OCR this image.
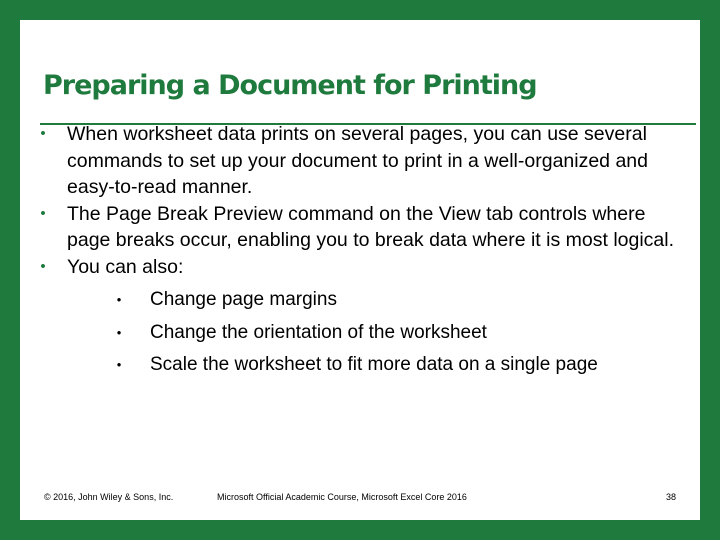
Preparing a Document for Printing
• When worksheet data prints on several pages, you can use several commands to set up your document to print in a well-organized and easy-to-read manner.
• The Page Break Preview command on the View tab controls where page breaks occur, enabling you to break data where it is most logical.
• You can also:
• Change page margins
• Change the orientation of the worksheet
• Scale the worksheet to fit more data on a single page
© 2016, John Wiley & Sons, Inc.	Microsoft Official Academic Course, Microsoft Excel Core 2016	38
